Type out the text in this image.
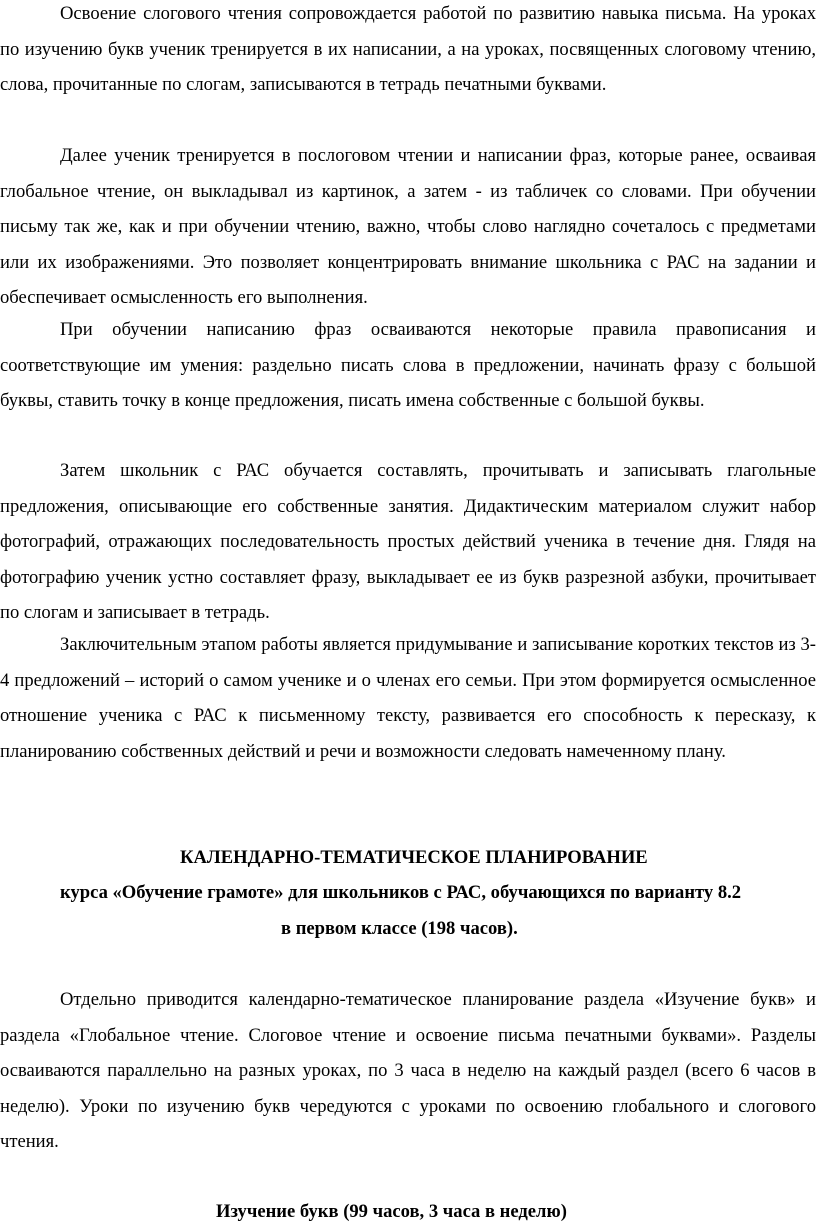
Освоение слогового чтения сопровождается работой по развитию навыка письма. На уроках по изучению букв ученик тренируется в их написании, а на уроках, посвященных слоговому чтению, слова, прочитанные по слогам, записываются в тетрадь печатными буквами.

Далее ученик тренируется в послоговом чтении и написании фраз, которые ранее, осваивая глобальное чтение, он выкладывал из картинок, а затем - из табличек со словами. При обучении письму так же, как и при обучении чтению, важно, чтобы слово наглядно сочеталось с предметами или их изображениями. Это позволяет концентрировать внимание школьника с РАС на задании и обеспечивает осмысленность его выполнения.

При обучении написанию фраз осваиваются некоторые правила правописания и соответствующие им умения: раздельно писать слова в предложении, начинать фразу с большой буквы, ставить точку в конце предложения, писать имена собственные с большой буквы.

Затем школьник с РАС обучается составлять, прочитывать и записывать глагольные предложения, описывающие его собственные занятия. Дидактическим материалом служит набор фотографий, отражающих последовательность простых действий ученика в течение дня. Глядя на фотографию ученик устно составляет фразу, выкладывает ее из букв разрезной азбуки, прочитывает по слогам и записывает в тетрадь.

Заключительным этапом работы является придумывание и записывание коротких текстов из 3-4 предложений – историй о самом ученике и о членах его семьи. При этом формируется осмысленное отношение ученика с РАС к письменному тексту, развивается его способность к пересказу, к планированию собственных действий и речи и возможности следовать намеченному плану.

КАЛЕНДАРНО-ТЕМАТИЧЕСКОЕ ПЛАНИРОВАНИЕ
курса «Обучение грамоте» для школьников с РАС, обучающихся по варианту 8.2
в первом классе (198 часов).

Отдельно приводится календарно-тематическое планирование раздела «Изучение букв» и раздела «Глобальное чтение. Слоговое чтение и освоение письма печатными буквами». Разделы осваиваются параллельно на разных уроках, по 3 часа в неделю на каждый раздел (всего 6 часов в неделю). Уроки по изучению букв чередуются с уроками по освоению глобального и слогового чтения.

Изучение букв (99 часов, 3 часа в неделю)
